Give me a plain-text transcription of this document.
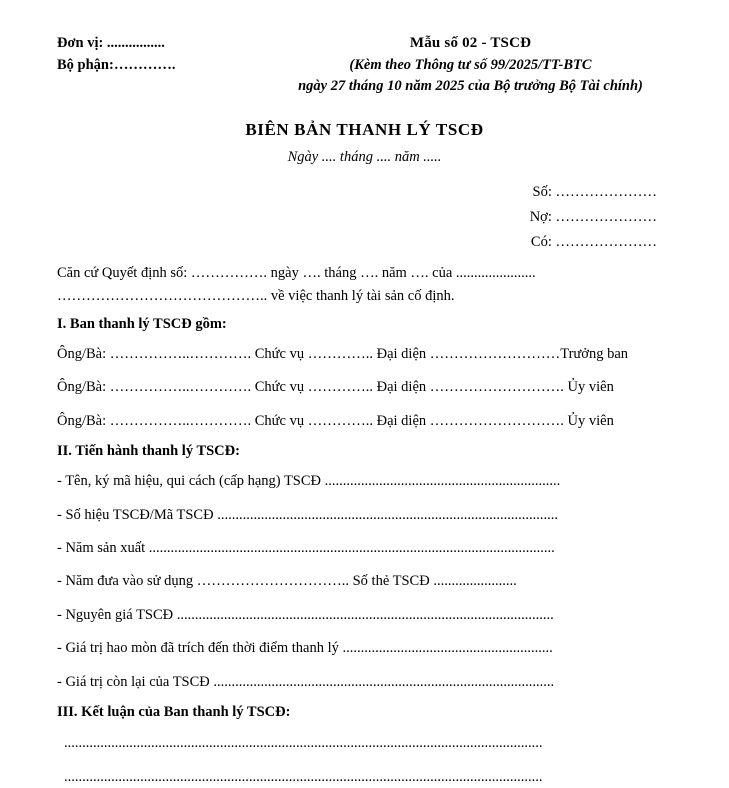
Đơn vị: ................
Bộ phận:………….
Mẫu số 02 - TSCĐ
(Kèm theo Thông tư số 99/2025/TT-BTC
ngày 27 tháng 10 năm 2025 của Bộ trưởng Bộ Tài chính)
BIÊN BẢN THANH LÝ TSCĐ
Ngày .... tháng .... năm .....
Số: …………………
Nợ: …………………
Có: …………………
Căn cứ Quyết định số: ……………. ngày …. tháng …. năm …. của ......................
…………………………………….. về việc thanh lý tài sản cố định.
I. Ban thanh lý TSCĐ gồm:
Ông/Bà: ……………..…………. Chức vụ ………….. Đại diện ………………………Trưởng ban
Ông/Bà: ……………..…………. Chức vụ ………….. Đại diện ………………………. Ủy viên
Ông/Bà: ……………..…………. Chức vụ ………….. Đại diện ………………………. Ủy viên
II. Tiến hành thanh lý TSCĐ:
- Tên, ký mã hiệu, qui cách (cấp hạng) TSCĐ .................................................................
- Số hiệu TSCĐ/Mã TSCĐ ..............................................................................................
- Năm sản xuất ................................................................................................................
- Năm đưa vào sử dụng ………………………….. Số thẻ TSCĐ .......................
- Nguyên giá TSCĐ ........................................................................................................
- Giá trị hao mòn đã trích đến thời điểm thanh lý ..........................................................
- Giá trị còn lại của TSCĐ ..............................................................................................
III. Kết luận của Ban thanh lý TSCĐ:
....................................................................................................................................
....................................................................................................................................
